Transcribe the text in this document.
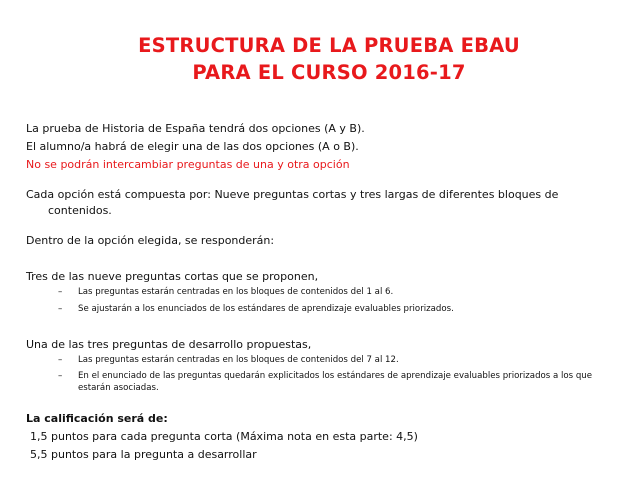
ESTRUCTURA DE LA PRUEBA EBAU
PARA EL CURSO 2016-17
La prueba de Historia de España tendrá dos opciones (A y B).
El alumno/a habrá de elegir una de las dos opciones (A o B).
No se podrán intercambiar preguntas de una y otra opción
Cada opción está compuesta por: Nueve preguntas cortas y tres largas de diferentes bloques de
contenidos.
Dentro de la opción elegida, se responderán:
Tres de las nueve preguntas cortas que se proponen,
– Las preguntas estarán centradas en los bloques de contenidos del 1 al 6.
– Se ajustarán a los enunciados de los estándares de aprendizaje evaluables priorizados.
Una de las tres preguntas de desarrollo propuestas,
– Las preguntas estarán centradas en los bloques de contenidos del 7 al 12.
– En el enunciado de las preguntas quedarán explicitados los estándares de aprendizaje evaluables priorizados a los que estarán asociadas.
La calificación será de:
1,5 puntos para cada pregunta corta (Máxima nota en esta parte: 4,5)
5,5 puntos para la pregunta a desarrollar
